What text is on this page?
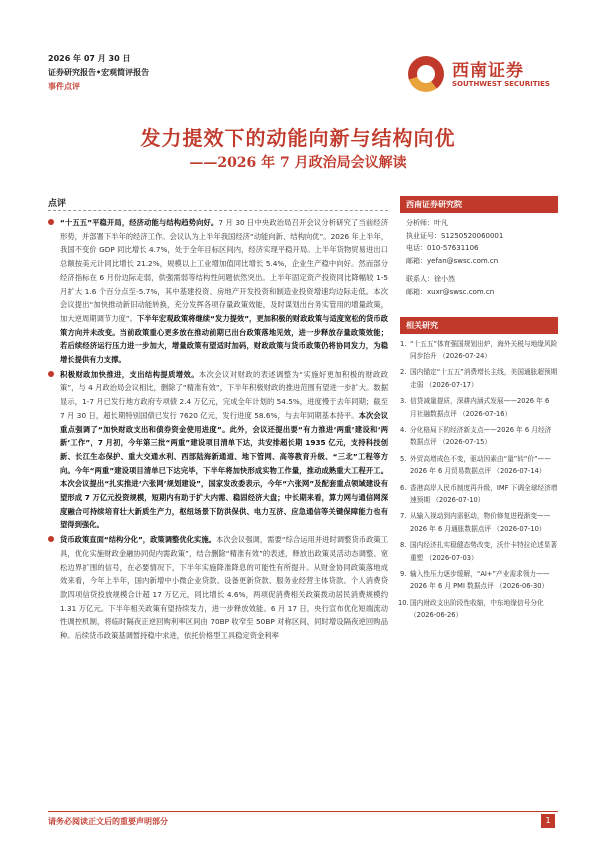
2026 年 07 月 30 日
证券研究报告•宏观简评报告
事件点评
西南证券
SOUTHWEST SECURITIES
发力提效下的动能向新与结构向优
——2026 年 7 月政治局会议解读
点评

“十五五”平稳开局，经济动能与结构趋势向好。7 月 30 日中央政治局召开会议分析研究了当前经济形势，并部署下半年的经济工作。会议认为上半年我国经济“动能向新、结构向优”。2026 年上半年，我国不变价 GDP 同比增长 4.7%，处于全年目标区间内，经济实现平稳开局。上半年货物贸易进出口总额按美元计同比增长 21.2%，规模以上工业增加值同比增长 5.4%，企业生产稳中向好。然而部分经济指标在 6 月份边际走弱，供强需弱等结构性问题依然突出。上半年固定资产投资同比降幅较 1-5 月扩大 1.6 个百分点至-5.7%，其中基建投资、房地产开发投资和制造业投资增速均边际走低。本次会议提出“加快推动新旧动能转换，充分发挥各项存量政策效能，及时谋划出台务实管用的增量政策，加大逆周期调节力度”。下半年宏观政策将继续“发力提效”，更加积极的财政政策与适度宽松的货币政策方向并未改变。当前政策重心更多放在推动前期已出台政策落地见效，进一步释放存量政策效能；若后续经济运行压力进一步加大，增量政策有望适时加码，财政政策与货币政策仍将协同发力，为稳增长提供有力支撑。

积极财政加快推进，支出结构提质增效。本次会议对财政的表述调整为“实施好更加积极的财政政策”，与 4 月政治局会议相比，删除了“精准有效”，下半年积极财政的推进范围有望进一步扩大。数据显示，1-7 月已发行地方政府专项债 2.4 万亿元，完成全年计划的 54.5%，进度慢于去年同期；截至 7 月 30 日，超长期特别国债已发行 7620 亿元，发行进度 58.6%，与去年同期基本持平。本次会议重点强调了“加快财政支出和债券资金使用进度”。此外，会议还提出要“有力推进‘两重’建设和‘两新’工作”，7 月初，今年第三批“两重”建设项目清单下达，共安排超长期 1935 亿元，支持科技创新、长江生态保护、重大交通水利、西部陆海新通道、地下管网、高等教育升级、“三北”工程等方向。今年“两重”建设项目清单已下达完毕，下半年将加快形成实物工作量，推动成熟重大工程开工。本次会议提出“扎实推进‘六张网’规划建设”，国家发改委表示，今年“六张网”及配套重点领域建设有望形成 7 万亿元投资规模，短期内有助于扩大内需、稳固经济大盘；中长期来看，算力网与通信网深度融合可持续培育壮大新质生产力，枢纽场景下防洪保供、电力互济、应急通信等关键保障能力也有望得到强化。

货币政策直面“结构分化”，政策调整优化实施。本次会议强调，需要“综合运用并进时调整货币政策工具，优化实施财政金融协同促内需政策”，结合删除“精准有效”的表述，释放出政策灵活动态调整、宽松边界扩围的信号，在必要情况下，下半年实施降准降息的可能性有所提升。从财金协同政策落地成效来看，今年上半年，国内新增中小微企业贷款、设备更新贷款、服务业经营主体贷款、个人消费贷款四项信贷投放规模合计超 17 万亿元，同比增长 4.6%，两项促消费相关政策拨动居民消费规模约 1.31 万亿元。下半年相关政策有望持续发力，进一步释放效能。6 月 17 日，央行宣布优化短端流动性调控机制，将临时隔夜正逆回购利率区间由 70BP 收窄至 50BP 对称区间，同时增设隔夜逆回购品种。后续货币政策基调暂持稳中求进，依托价格型工具稳定资金利率

西南证券研究院
分析师：叶凡
执业证号：S1250520060001
电话：010-57631106
邮箱：yefan@swsc.com.cn
联系人：徐小然
邮箱：xuxr@swsc.com.cn
相关研究
1. “十五五”体育强国规划出炉，海外关税与地缘风险同步抬升 （2026-07-24）
2. 国内锚定“十五五”消费增长主线，美国通胀超预期走弱 （2026-07-17）
3. 信贷减量提质，深耕内涵式发展——2026 年 6 月社融数据点评 （2026-07-16）
4. 分化格局下的经济新支点——2026 年 6 月经济数据点评 （2026-07-15）
5. 外贸高增成色不变，驱动因素由“量”转“价”——2026 年 6 月贸易数据点评 （2026-07-14）
6. 香港高岸人民币制度再升级，IMF 下调全球经济增速预期 （2026-07-10）
7. 从输入视动到内需驱动，物价修复进程渐变——2026 年 6 月通胀数据点评 （2026-07-10）
8. 国内经济扎实稳健态势改变，沃什卡特拉论述显著重塑 （2026-07-03）
9. 输入性压力逐步缓解，“AI+”产业需求领力——2026 年 6 月 PMI 数据点评 （2026-06-30）
10. 国内财政支出阶段性收缩，中东地缘信号分化 （2026-06-26）
请务必阅读正文后的重要声明部分	1
